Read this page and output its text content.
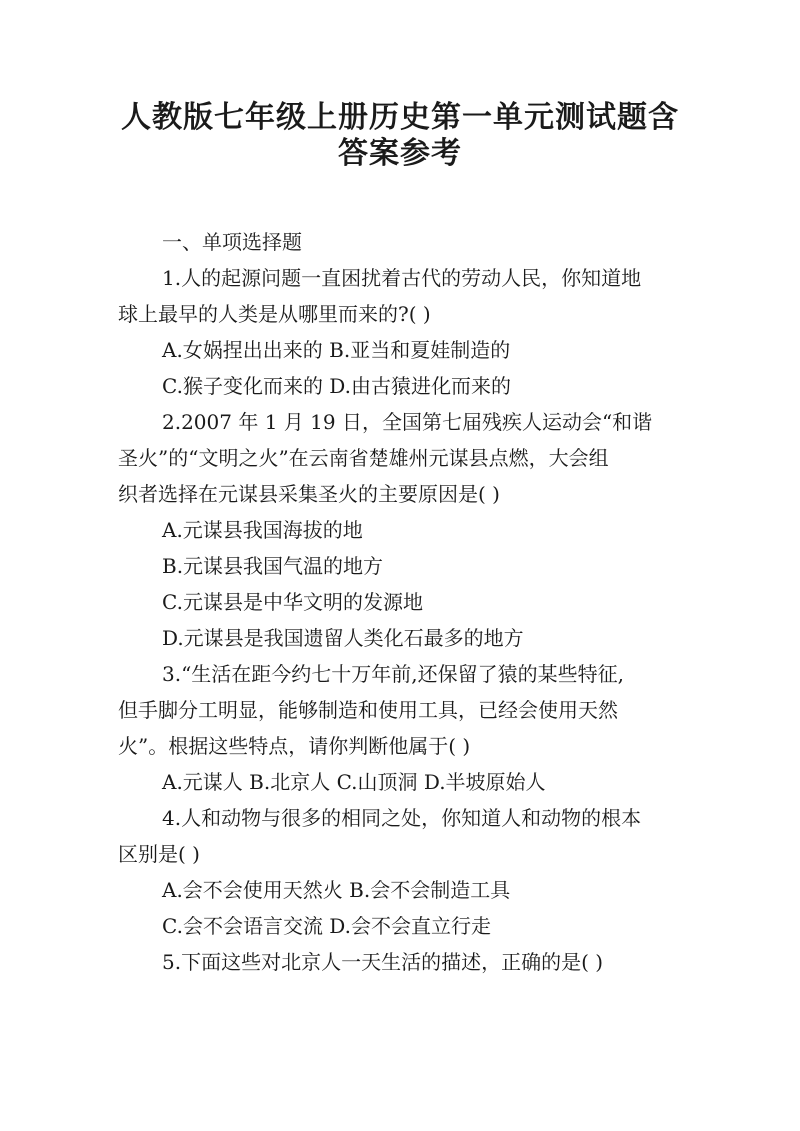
人教版七年级上册历史第一单元测试题含
答案参考
一、单项选择题
1.人的起源问题一直困扰着古代的劳动人民，你知道地
球上最早的人类是从哪里而来的?( )
A.女娲捏出出来的 B.亚当和夏娃制造的
C.猴子变化而来的 D.由古猿进化而来的
2.2007 年 1 月 19 日，全国第七届残疾人运动会“和谐
圣火”的“文明之火”在云南省楚雄州元谋县点燃，大会组
织者选择在元谋县采集圣火的主要原因是( )
A.元谋县我国海拔的地
B.元谋县我国气温的地方
C.元谋县是中华文明的发源地
D.元谋县是我国遗留人类化石最多的地方
3.“生活在距今约七十万年前,还保留了猿的某些特征,
但手脚分工明显，能够制造和使用工具，已经会使用天然
火”。根据这些特点，请你判断他属于( )
A.元谋人 B.北京人 C.山顶洞 D.半坡原始人
4.人和动物与很多的相同之处，你知道人和动物的根本
区别是( )
A.会不会使用天然火 B.会不会制造工具
C.会不会语言交流 D.会不会直立行走
5.下面这些对北京人一天生活的描述，正确的是( )
